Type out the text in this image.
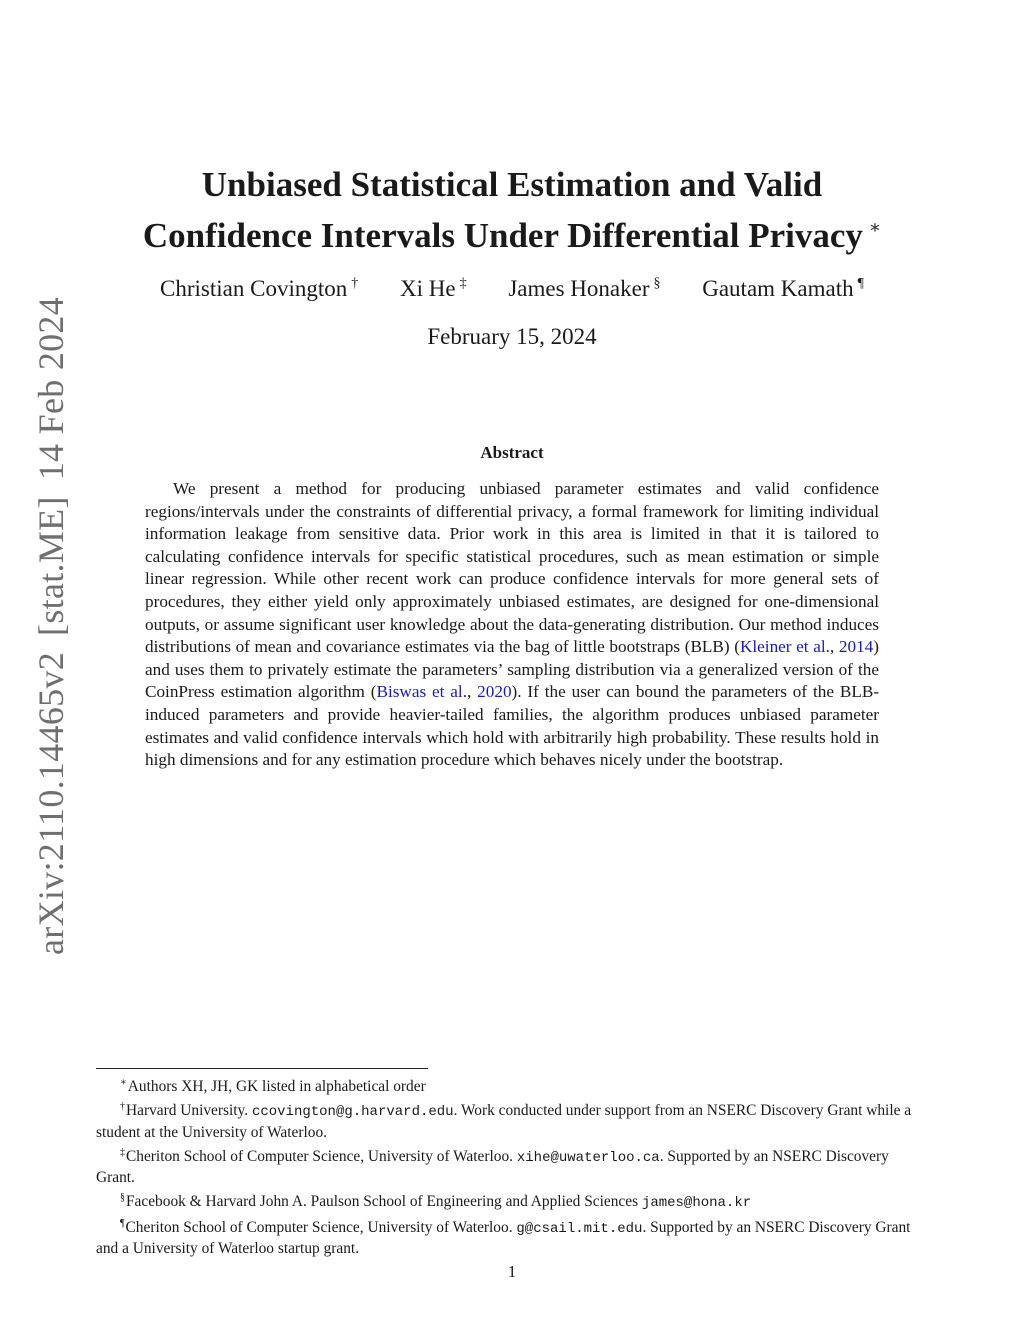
arXiv:2110.14465v2[stat.ME]14 Feb 2024
Unbiased Statistical Estimation and Valid
Confidence Intervals Under Differential Privacy ∗
Christian Covington † Xi He ‡ James Honaker § Gautam Kamath ¶
February 15, 2024
Abstract
We present a method for producing unbiased parameter estimates and valid confidence regions/intervals under the constraints of differential privacy, a formal framework for limiting individual information leakage from sensitive data. Prior work in this area is limited in that it is tailored to calculating confidence intervals for specific statistical procedures, such as mean estimation or simple linear regression. While other recent work can produce confidence intervals for more general sets of procedures, they either yield only approximately unbiased estimates, are designed for one-dimensional outputs, or assume significant user knowledge about the data-generating distribution. Our method induces distributions of mean and covariance estimates via the bag of little bootstraps (BLB) (Kleiner et al., 2014) and uses them to privately estimate the parameters’ sampling distribution via a generalized version of the CoinPress estimation algorithm (Biswas et al., 2020). If the user can bound the parameters of the BLB-induced parameters and provide heavier-tailed families, the algorithm produces unbiased parameter estimates and valid confidence intervals which hold with arbitrarily high probability. These results hold in high dimensions and for any estimation procedure which behaves nicely under the bootstrap.
∗Authors XH, JH, GK listed in alphabetical order
†Harvard University. ccovington@g.harvard.edu. Work conducted under support from an NSERC Discovery Grant while a student at the University of Waterloo.
‡Cheriton School of Computer Science, University of Waterloo. xihe@uwaterloo.ca. Supported by an NSERC Discovery Grant.
§Facebook & Harvard John A. Paulson School of Engineering and Applied Sciences james@hona.kr
¶Cheriton School of Computer Science, University of Waterloo. g@csail.mit.edu. Supported by an NSERC Discovery Grant and a University of Waterloo startup grant.
1
